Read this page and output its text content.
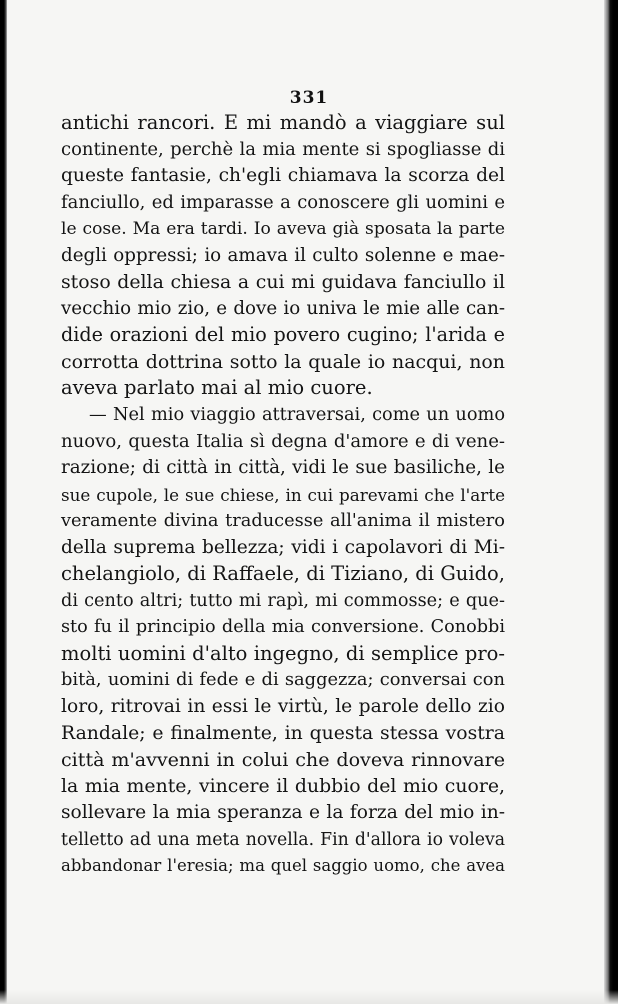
331
antichi rancori. E mi mandò a viaggiare sul
continente, perchè la mia mente si spogliasse di
queste fantasie, ch'egli chiamava la scorza del
fanciullo, ed imparasse a conoscere gli uomini e
le cose. Ma era tardi. Io aveva già sposata la parte
degli oppressi; io amava il culto solenne e mae-
stoso della chiesa a cui mi guidava fanciullo il
vecchio mio zio, e dove io univa le mie alle can-
dide orazioni del mio povero cugino; l'arida e
corrotta dottrina sotto la quale io nacqui, non
aveva parlato mai al mio cuore.
— Nel mio viaggio attraversai, come un uomo
nuovo, questa Italia sì degna d'amore e di vene-
razione; di città in città, vidi le sue basiliche, le
sue cupole, le sue chiese, in cui parevami che l'arte
veramente divina traducesse all'anima il mistero
della suprema bellezza; vidi i capolavori di Mi-
chelangiolo, di Raffaele, di Tiziano, di Guido,
di cento altri; tutto mi rapì, mi commosse; e que-
sto fu il principio della mia conversione. Conobbi
molti uomini d'alto ingegno, di semplice pro-
bità, uomini di fede e di saggezza; conversai con
loro, ritrovai in essi le virtù, le parole dello zio
Randale; e finalmente, in questa stessa vostra
città m'avvenni in colui che doveva rinnovare
la mia mente, vincere il dubbio del mio cuore,
sollevare la mia speranza e la forza del mio in-
telletto ad una meta novella. Fin d'allora io voleva
abbandonar l'eresia; ma quel saggio uomo, che avea
